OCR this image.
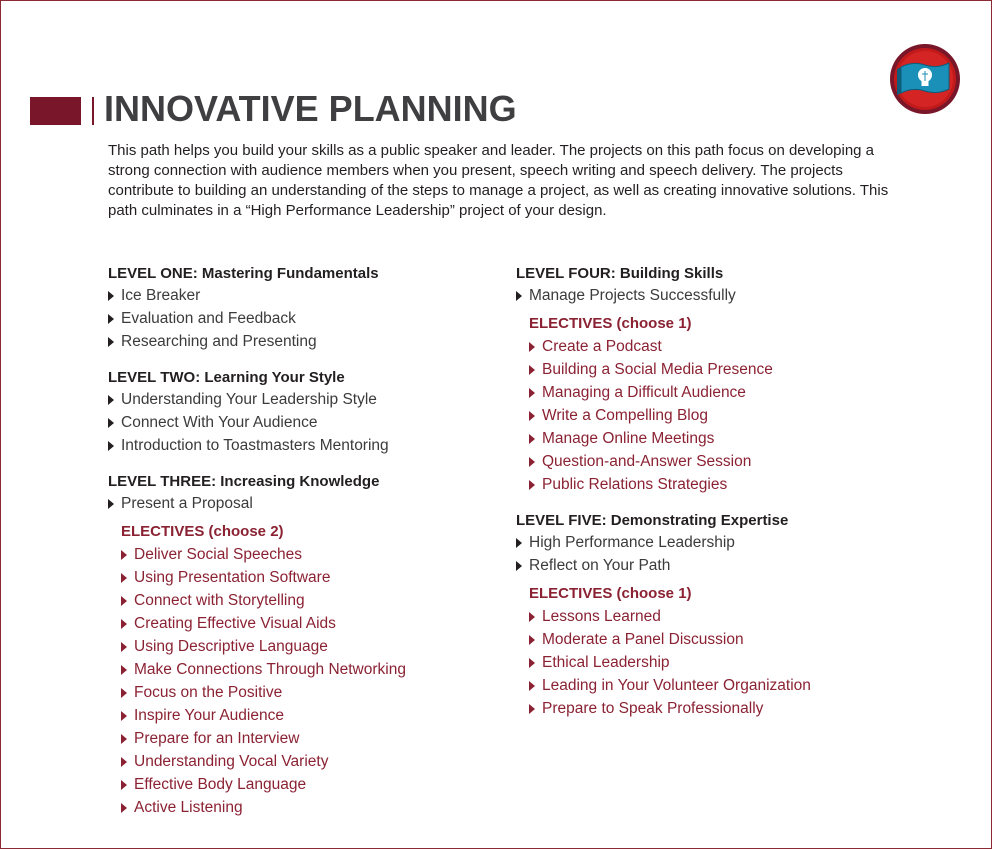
INNOVATIVE PLANNING
This path helps you build your skills as a public speaker and leader. The projects on this path focus on developing a strong connection with audience members when you present, speech writing and speech delivery. The projects contribute to building an understanding of the steps to manage a project, as well as creating innovative solutions. This path culminates in a “High Performance Leadership” project of your design.
LEVEL ONE: Mastering Fundamentals
Ice Breaker
Evaluation and Feedback
Researching and Presenting
LEVEL TWO: Learning Your Style
Understanding Your Leadership Style
Connect With Your Audience
Introduction to Toastmasters Mentoring
LEVEL THREE: Increasing Knowledge
Present a Proposal
ELECTIVES (choose 2)
Deliver Social Speeches
Using Presentation Software
Connect with Storytelling
Creating Effective Visual Aids
Using Descriptive Language
Make Connections Through Networking
Focus on the Positive
Inspire Your Audience
Prepare for an Interview
Understanding Vocal Variety
Effective Body Language
Active Listening
LEVEL FOUR: Building Skills
Manage Projects Successfully
ELECTIVES (choose 1)
Create a Podcast
Building a Social Media Presence
Managing a Difficult Audience
Write a Compelling Blog
Manage Online Meetings
Question-and-Answer Session
Public Relations Strategies
LEVEL FIVE: Demonstrating Expertise
High Performance Leadership
Reflect on Your Path
ELECTIVES (choose 1)
Lessons Learned
Moderate a Panel Discussion
Ethical Leadership
Leading in Your Volunteer Organization
Prepare to Speak Professionally
